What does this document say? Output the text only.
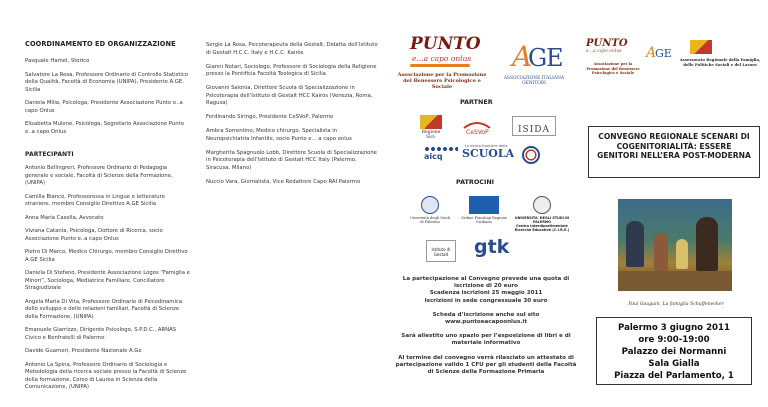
COORDINAMENTO ED ORGANIZZAZIONE
Pasquale Hamel, Storico
Salvatore La Rosa, Professore Ordinario di Controllo Statistico della Qualità, Facoltà di Economia (UNIPA), Presidente A.GE. Sicilia
Daniela Milia, Psicologa, Presidente Associazione Punto e..a capo Onlus
Elisabetta Mulone, Psicologa, Segretario Associazione Punto e..a capo Onlus
PARTECIPANTI
Antonio Bellingreri, Professore Ordinario di Pedagogia generale e sociale, Facoltà di Scienze della Formazione, (UNIPA)
Camilla Bianco, Professoressa in Lingue e letterature straniere, membro Consiglio Direttivo A.GE Sicilia
Anna Maria Casella, Avvocato
Viviana Catania, Psicologa, Dottore di Ricerca, socio Associazione Punto e..a capo Onlus
Pietro Di Marco, Medico Chirurgo, membro Consiglio Direttivo A.GE Sicilia
Daniela Di Stefano, Presidente Associazione Logos “Famiglia e Minori”, Sociologa, Mediatrice Familiare, Conciliatore Stragiudiziale
Angela Maria Di Vita, Professore Ordinario di Psicodinamica dello sviluppo e delle relazioni familiari, Facoltà di Scienze della Formazione, (UNIPA)
Emanuele Giarrizzo, Dirigente Psicologo, S.P.D.C., ARNAS Civico e Benfratelli di Palermo
Davide Guarneri, Presidente Nazionale A.Ge
Antonio La Spina, Professore Ordinario di Sociologia e Metodologia della ricerca sociale presso la Facoltà di Scienze della formazione, Corso di Laurea in Scienza della Comunicazione, (UNIPA)
Sergio La Rosa, Psicoterapeuta della Gestalt, Didatta dell’Istituto di Gestalt H.C.C. Italy e H.C.C. Kairòs
Gianni Notari, Sociologo, Professore di Sociologia della Religione presso la Pontificia Facoltà Teologica di Sicilia
Giovanni Salonia, Direttore Scuola di Specializzazione in Psicoterapia dell’Istituto di Gestalt HCC Kairòs (Venezia, Roma, Ragusa)
Ferdinando Siringo, Presidente CeSVoP, Palermo
Ambra Sorrentino, Medico chirurgo, Specialista in Neuropsichiatria Infantile, socio Punto e... a capo onlus
Margherita Spagnuolo Lobb, Direttore Scuola di Specializzazione in Psicoterapia dell’Istituto di Gestalt HCC Italy (Palermo, Siracusa, Milano)
Nuccio Vara, Giornalista, Vice Redattore Capo RAI Palermo
PUNTO
e...a capo onlus
Associazione per la Promozione del Benessere Psicologico e Sociale
A
G
E
ASSOCIAZIONE ITALIANA GENITORI
PARTNER
Regione Sici-
CeSVoP	ISIDA
aicq
La nuova frontiera della
SCUOLA
PATROCINI
Università degli Studi di Palermo
Ordine Psicologi Regione Siciliana
UNIVERSITA' DEGLI STUDI DI PALERMO
Centro Interdipartimentale Ricerche Educative (C.I.R.E.)
Istituto di Gestalt	gtk
La partecipazione al Convegno prevede una quota di iscrizione di 20 euro
Scadenza iscrizioni 25 maggio 2011
Iscrizioni in sede congressuale 30 euro
Scheda d’iscrizione anche sul sito
www.puntoeacapoonlus.it
Sarà allestito uno spazio per l’esposizione di libri e di materiale informativo
Al termine del convegno verrà rilasciato un attestato di partecipazione valido 1 CFU per gli studenti della Facoltà di Scienze della Formazione Primaria
PUNTO
e...a capo onlus
Associazione per la Promozione del Benessere Psicologico e Sociale
A
GE	Assessorato Regionale della Famiglia, delle Politiche Sociali e del Lavoro
CONVEGNO REGIONALE SCENARI DI COGENITORIALITÀ: ESSERE GENITORI NELL’ERA POST-MODERNA
Paul Gauguin, La famiglia Schuffenecker
Palermo 3 giugno 2011
ore 9:00-19:00
Palazzo dei Normanni
Sala Gialla
Piazza del Parlamento, 1
